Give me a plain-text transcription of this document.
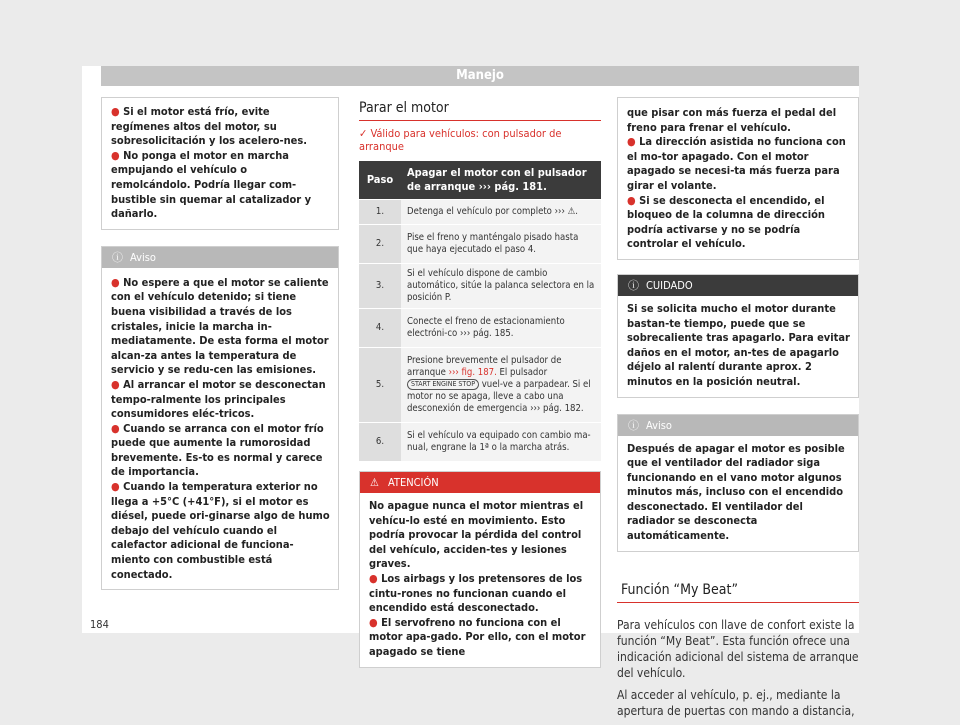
Manejo

● Si el motor está frío, evite regímenes altos del motor, su sobresolicitación y los acelero-nes.

● No ponga el motor en marcha empujando el vehículo o remolcándolo. Podría llegar com-bustible sin quemar al catalizador y dañarlo.

ⓘ Aviso

● No espere a que el motor se caliente con el vehículo detenido; si tiene buena visibilidad a través de los cristales, inicie la marcha in-mediatamente. De esta forma el motor alcan-za antes la temperatura de servicio y se redu-cen las emisiones.

● Al arrancar el motor se desconectan tempo-ralmente los principales consumidores eléc-tricos.

● Cuando se arranca con el motor frío puede que aumente la rumorosidad brevemente. Es-to es normal y carece de importancia.

● Cuando la temperatura exterior no llega a +5°C (+41°F), si el motor es diésel, puede ori-ginarse algo de humo debajo del vehículo cuando el calefactor adicional de funciona-miento con combustible está conectado.

Parar el motor
✓ Válido para vehículos: con pulsador de arranque
Paso	Apagar el motor con el pulsador de arranque ››› pág. 181.
1.	Detenga el vehículo por completo ››› ⚠.
2.	Pise el freno y manténgalo pisado hasta que haya ejecutado el paso 4.
3.	Si el vehículo dispone de cambio automático, sitúe la palanca selectora en la posición P.
4.	Conecte el freno de estacionamiento electróni-co ››› pág. 185.
5.	Presione brevemente el pulsador de arranque ››› fig. 187. El pulsador START ENGINE STOP vuel-ve a parpadear. Si el motor no se apaga, lleve a cabo una desconexión de emergencia ››› pág. 182.
6.	Si el vehículo va equipado con cambio ma-nual, engrane la 1ª o la marcha atrás.
⚠ ATENCIÓN

No apague nunca el motor mientras el vehícu-lo esté en movimiento. Esto podría provocar la pérdida del control del vehículo, acciden-tes y lesiones graves.

● Los airbags y los pretensores de los cintu-rones no funcionan cuando el encendido está desconectado.

● El servofreno no funciona con el motor apa-gado. Por ello, con el motor apagado se tiene

que pisar con más fuerza el pedal del freno para frenar el vehículo.

● La dirección asistida no funciona con el mo-tor apagado. Con el motor apagado se necesi-ta más fuerza para girar el volante.

● Si se desconecta el encendido, el bloqueo de la columna de dirección podría activarse y no se podría controlar el vehículo.

ⓘ CUIDADO

Si se solicita mucho el motor durante bastan-te tiempo, puede que se sobrecaliente tras apagarlo. Para evitar daños en el motor, an-tes de apagarlo déjelo al ralentí durante aprox. 2 minutos en la posición neutral.

ⓘ Aviso

Después de apagar el motor es posible que el ventilador del radiador siga funcionando en el vano motor algunos minutos más, incluso con el encendido desconectado. El ventilador del radiador se desconecta automáticamente.

Función “My Beat”

Para vehículos con llave de confort existe la función “My Beat”. Esta función ofrece una indicación adicional del sistema de arranque del vehículo.

Al acceder al vehículo, p. ej., mediante la apertura de puertas con mando a distancia,

184
